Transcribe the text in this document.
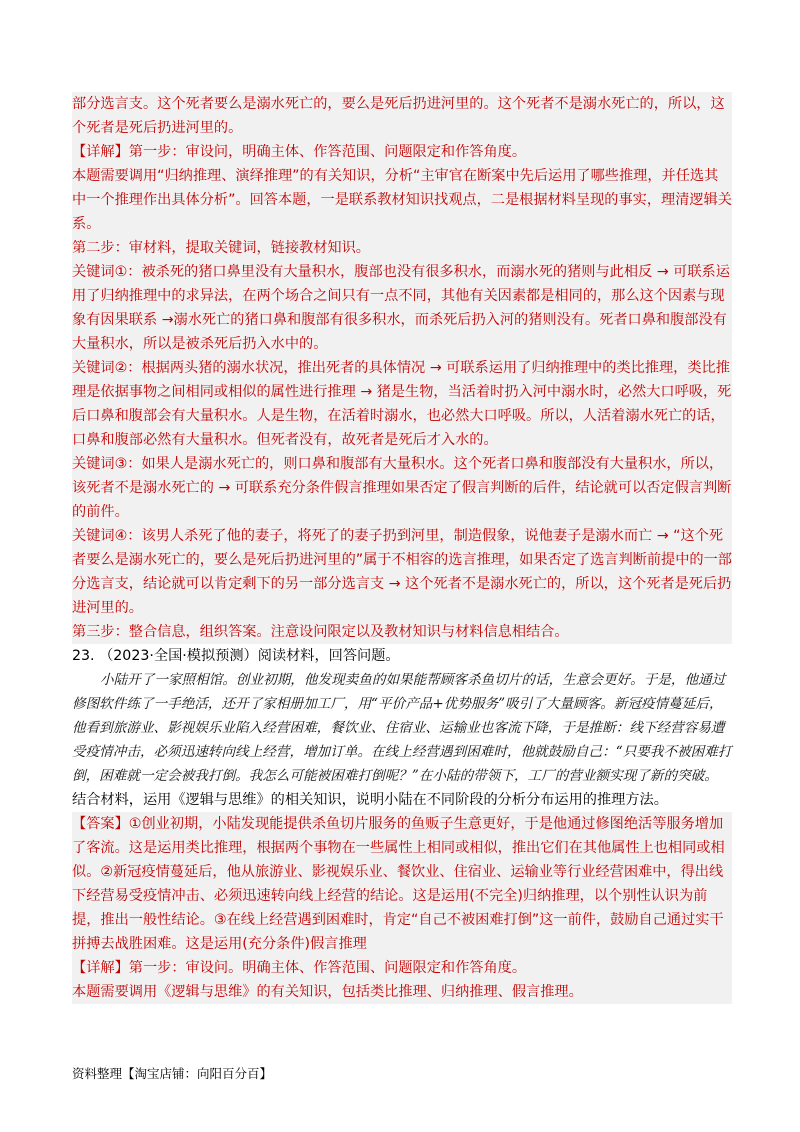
部分选言支。这个死者要么是溺水死亡的，要么是死后扔进河里的。这个死者不是溺水死亡的，所以，这个死者是死后扔进河里的。

【详解】第一步：审设问，明确主体、作答范围、问题限定和作答角度。

本题需要调用“归纳推理、演绎推理”的有关知识，分析“主审官在断案中先后运用了哪些推理，并任选其中一个推理作出具体分析”。回答本题，一是联系教材知识找观点，二是根据材料呈现的事实，理清逻辑关系。

第二步：审材料，提取关键词，链接教材知识。

关键词①：被杀死的猪口鼻里没有大量积水，腹部也没有很多积水，而溺水死的猪则与此相反 → 可联系运用了归纳推理中的求异法，在两个场合之间只有一点不同，其他有关因素都是相同的，那么这个因素与现象有因果联系 →溺水死亡的猪口鼻和腹部有很多积水，而杀死后扔入河的猪则没有。死者口鼻和腹部没有大量积水，所以是被杀死后扔入水中的。

关键词②：根据两头猪的溺水状况，推出死者的具体情况 → 可联系运用了归纳推理中的类比推理，类比推理是依据事物之间相同或相似的属性进行推理 → 猪是生物，当活着时扔入河中溺水时，必然大口呼吸，死后口鼻和腹部会有大量积水。人是生物，在活着时溺水，也必然大口呼吸。所以，人活着溺水死亡的话，口鼻和腹部必然有大量积水。但死者没有，故死者是死后才入水的。

关键词③：如果人是溺水死亡的，则口鼻和腹部有大量积水。这个死者口鼻和腹部没有大量积水，所以，该死者不是溺水死亡的 → 可联系充分条件假言推理如果否定了假言判断的后件，结论就可以否定假言判断的前件。

关键词④：该男人杀死了他的妻子，将死了的妻子扔到河里，制造假象，说他妻子是溺水而亡 → “这个死者要么是溺水死亡的，要么是死后扔进河里的”属于不相容的选言推理，如果否定了选言判断前提中的一部分选言支，结论就可以肯定剩下的另一部分选言支 → 这个死者不是溺水死亡的，所以，这个死者是死后扔进河里的。

第三步：整合信息，组织答案。注意设问限定以及教材知识与材料信息相结合。

23. （2023·全国·模拟预测）阅读材料，回答问题。

小陆开了一家照相馆。创业初期，他发现卖鱼的如果能帮顾客杀鱼切片的话，生意会更好。于是，他通过修图软件练了一手绝活，还开了家相册加工厂，用“平价产品+优势服务”吸引了大量顾客。新冠疫情蔓延后，他看到旅游业、影视娱乐业陷入经营困难，餐饮业、住宿业、运输业也客流下降，于是推断：线下经营容易遭受疫情冲击，必须迅速转向线上经营，增加订单。在线上经营遇到困难时，他就鼓励自己：“只要我不被困难打倒，困难就一定会被我打倒。我怎么可能被困难打倒呢？”在小陆的带领下，工厂的营业额实现了新的突破。

结合材料，运用《逻辑与思维》的相关知识，说明小陆在不同阶段的分析分布运用的推理方法。

【答案】①创业初期，小陆发现能提供杀鱼切片服务的鱼贩子生意更好，于是他通过修图绝活等服务增加了客流。这是运用类比推理，根据两个事物在一些属性上相同或相似，推出它们在其他属性上也相同或相似。②新冠疫情蔓延后，他从旅游业、影视娱乐业、餐饮业、住宿业、运输业等行业经营困难中，得出线下经营易受疫情冲击、必须迅速转向线上经营的结论。这是运用(不完全)归纳推理，以个别性认识为前提，推出一般性结论。③在线上经营遇到困难时，肯定“自己不被困难打倒”这一前件，鼓励自己通过实干拼搏去战胜困难。这是运用(充分条件)假言推理

【详解】第一步：审设问。明确主体、作答范围、问题限定和作答角度。

本题需要调用《逻辑与思维》的有关知识，包括类比推理、归纳推理、假言推理。

资料整理【淘宝店铺：向阳百分百】
